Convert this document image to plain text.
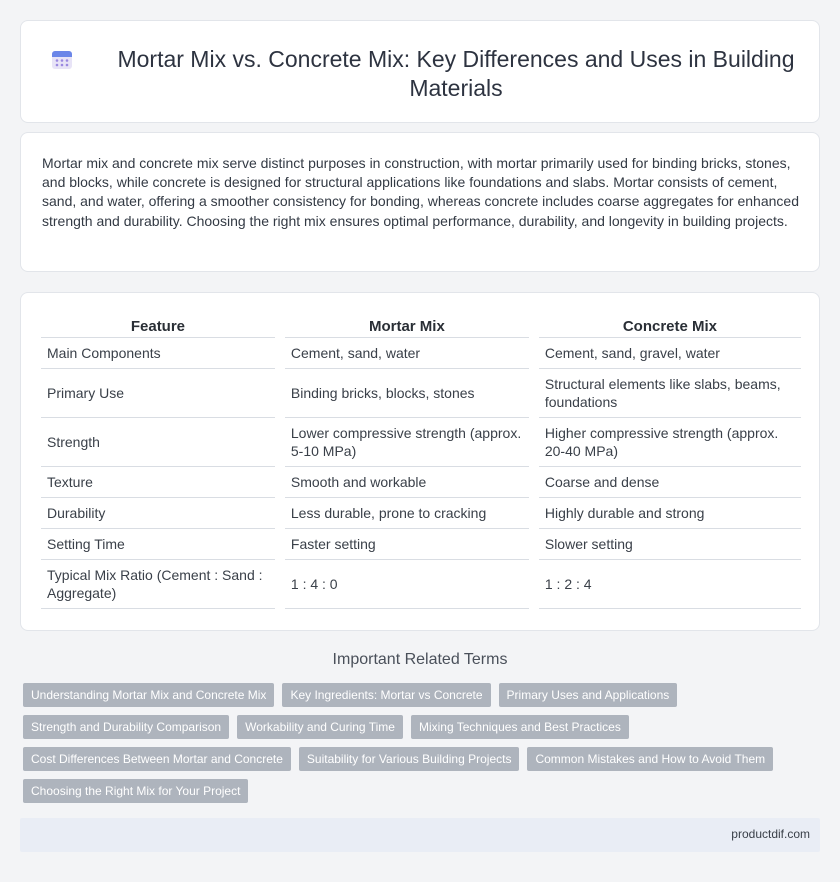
Mortar Mix vs. Concrete Mix: Key Differences and Uses in Building Materials

Mortar mix and concrete mix serve distinct purposes in construction, with mortar primarily used for binding bricks, stones, and blocks, while concrete is designed for structural applications like foundations and slabs. Mortar consists of cement, sand, and water, offering a smoother consistency for bonding, whereas concrete includes coarse aggregates for enhanced strength and durability. Choosing the right mix ensures optimal performance, durability, and longevity in building projects.

Feature	Mortar Mix	Concrete Mix
Main Components	Cement, sand, water	Cement, sand, gravel, water
Primary Use	Binding bricks, blocks, stones	Structural elements like slabs, beams, foundations
Strength	Lower compressive strength (approx. 5-10 MPa)	Higher compressive strength (approx. 20-40 MPa)
Texture	Smooth and workable	Coarse and dense
Durability	Less durable, prone to cracking	Highly durable and strong
Setting Time	Faster setting	Slower setting
Typical Mix Ratio (Cement : Sand : Aggregate)	1 : 4 : 0	1 : 2 : 4
Important Related Terms
Understanding Mortar Mix and Concrete Mix	Key Ingredients: Mortar vs Concrete	Primary Uses and Applications
Strength and Durability Comparison	Workability and Curing Time	Mixing Techniques and Best Practices
Cost Differences Between Mortar and Concrete	Suitability for Various Building Projects	Common Mistakes and How to Avoid Them
Choosing the Right Mix for Your Project
productdif.com
